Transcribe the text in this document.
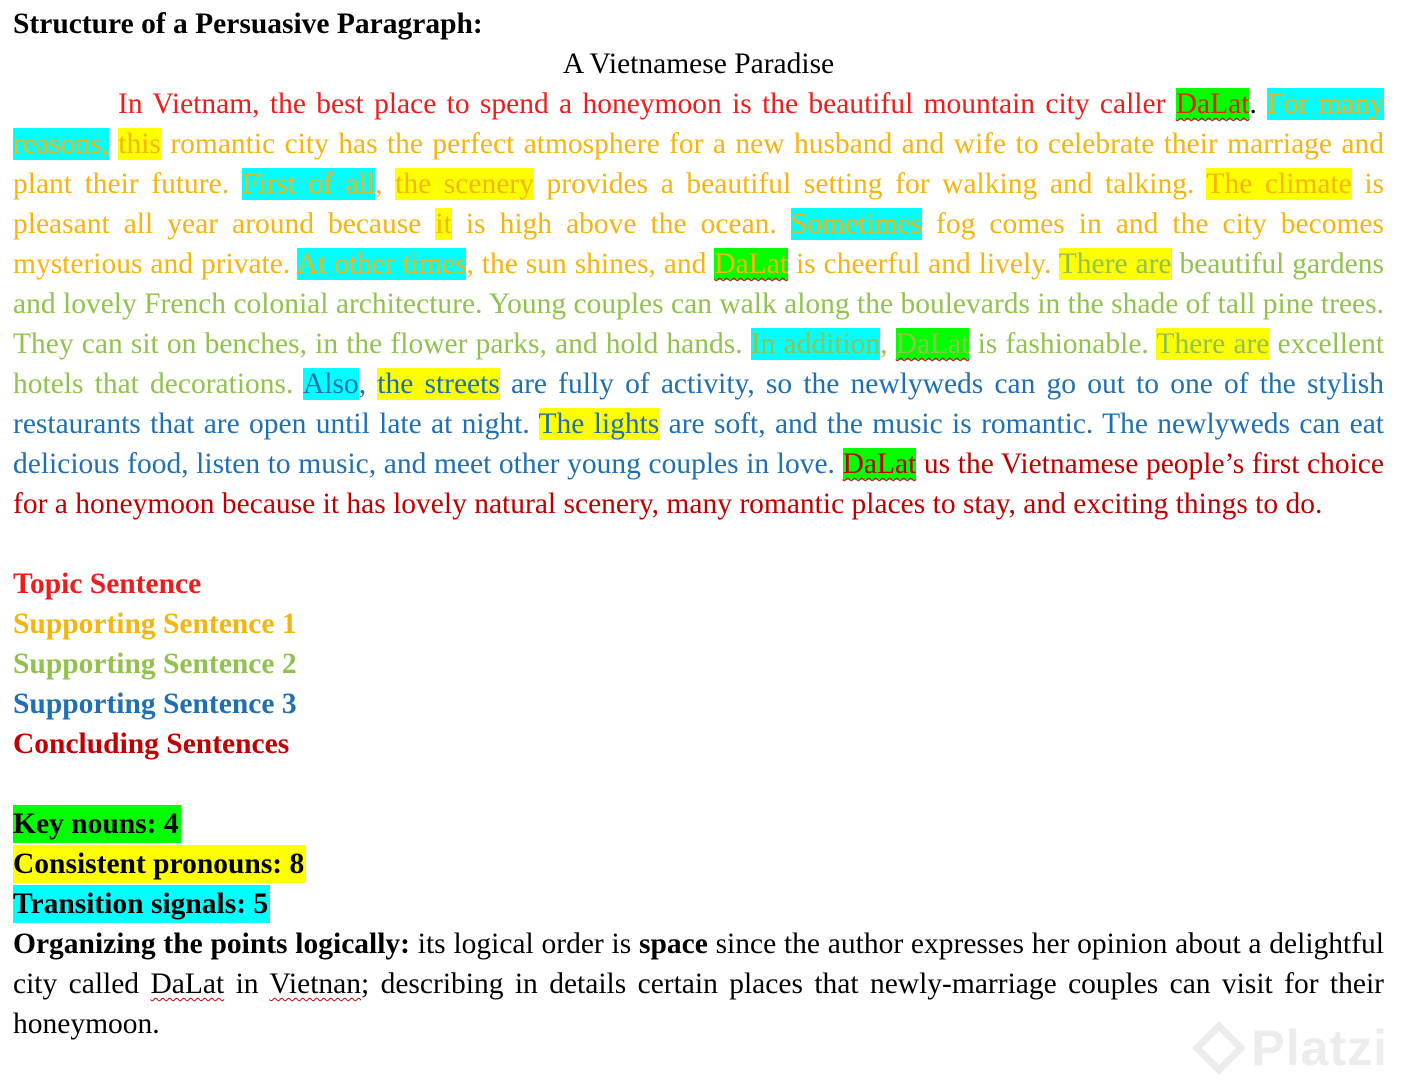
Structure of a Persuasive Paragraph:

A Vietnamese Paradise

In Vietnam, the best place to spend a honeymoon is the beautiful mountain city caller DaLat. For many reasons, this romantic city has the perfect atmosphere for a new husband and wife to celebrate their marriage and plant their future. First of all, the scenery provides a beautiful setting for walking and talking. The climate is pleasant all year around because it is high above the ocean. Sometimes fog comes in and the city becomes mysterious and private. At other times, the sun shines, and DaLat is cheerful and lively. There are beautiful gardens and lovely French colonial architecture. Young couples can walk along the boulevards in the shade of tall pine trees. They can sit on benches, in the flower parks, and hold hands. In addition, DaLat is fashionable. There are excellent hotels that decorations. Also, the streets are fully of activity, so the newlyweds can go out to one of the stylish restaurants that are open until late at night. The lights are soft, and the music is romantic. The newlyweds can eat delicious food, listen to music, and meet other young couples in love. DaLat us the Vietnamese people’s first choice for a honeymoon because it has lovely natural scenery, many romantic places to stay, and exciting things to do.

Topic Sentence

Supporting Sentence 1

Supporting Sentence 2

Supporting Sentence 3

Concluding Sentences

Key nouns: 4

Consistent pronouns: 8

Transition signals: 5

Organizing the points logically: its logical order is space since the author expresses her opinion about a delightful city called DaLat in Vietnan; describing in details certain places that newly-marriage couples can visit for their honeymoon.	Platzi
